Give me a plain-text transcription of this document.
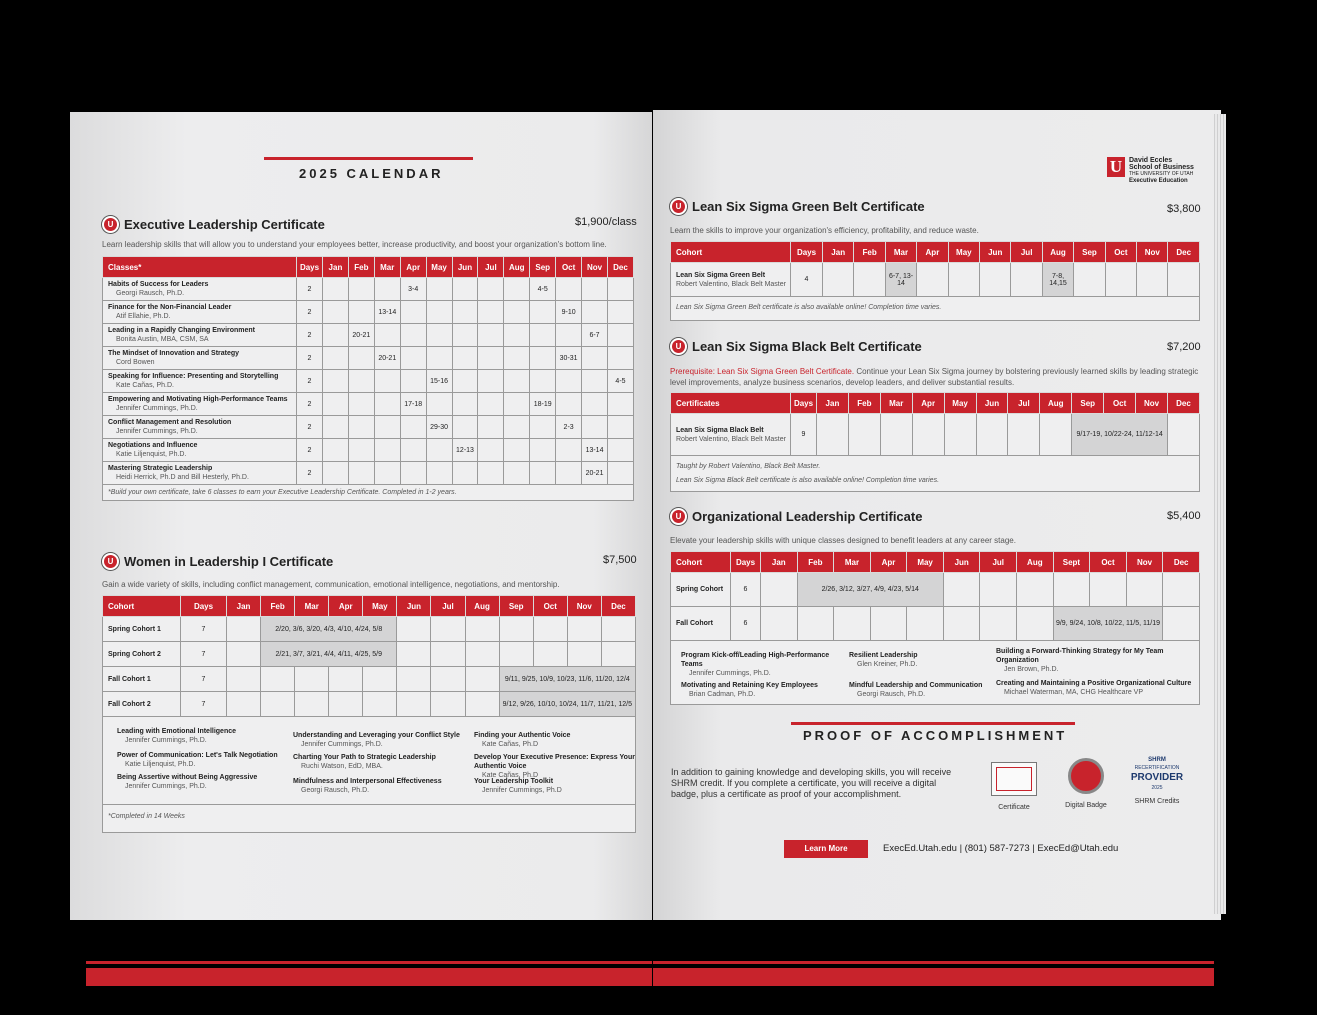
2025 CALENDAR
U Executive Leadership Certificate	$1,900/class
Learn leadership skills that will allow you to understand your employees better, increase productivity, and boost your organization's bottom line.
Classes*	Days	Jan	Feb	Mar	Apr	May	Jun	Jul	Aug	Sep	Oct	Nov	Dec

Habits of Success for Leaders
Georgi Rausch, Ph.D.	2				3-4					4-5			

Finance for the Non-Financial Leader
Atif Ellahie, Ph.D.	2			13-14							9-10		

Leading in a Rapidly Changing Environment
Bonita Austin, MBA, CSM, SA	2		20-21									6-7	

The Mindset of Innovation and Strategy
Cord Bowen	2			20-21							30-31		

Speaking for Influence: Presenting and Storytelling
Kate Cañas, Ph.D.	2					15-16							4-5

Empowering and Motivating High-Performance Teams
Jennifer Cummings, Ph.D.	2				17-18					18-19			

Conflict Management and Resolution
Jennifer Cummings, Ph.D.	2					29-30					2-3		

Negotiations and Influence
Katie Liljenquist, Ph.D.	2						12-13					13-14	

Mastering Strategic Leadership
Heidi Herrick, Ph.D and Bill Hesterly, Ph.D.	2											20-21	
*Build your own certificate, take 6 classes to earn your Executive Leadership Certificate. Completed in 1-2 years.
U Women in Leadership I Certificate	$7,500
Gain a wide variety of skills, including conflict management, communication, emotional intelligence, negotiations, and mentorship.
Cohort	Days	Jan	Feb	Mar	Apr	May	Jun	Jul	Aug	Sep	Oct	Nov	Dec

Spring Cohort 1	7		2/20, 3/6, 3/20, 4/3, 4/10, 4/24, 5/8										

Spring Cohort 2	7		2/21, 3/7, 3/21, 4/4, 4/11, 4/25, 5/9										

Fall Cohort 1	7									9/11, 9/25, 10/9, 10/23, 11/6, 11/20, 12/4			

Fall Cohort 2	7									9/12, 9/26, 10/10, 10/24, 11/7, 11/21, 12/5			
Leading with Emotional Intelligence
Jennifer Cummings, Ph.D.
Power of Communication: Let's Talk Negotiation
Katie Liljenquist, Ph.D.
Being Assertive without Being Aggressive
Jennifer Cummings, Ph.D.
Understanding and Leveraging your Conflict Style
Jennifer Cummings, Ph.D.
Charting Your Path to Strategic Leadership
Ruchi Watson, EdD, MBA.
Mindfulness and Interpersonal Effectiveness
Georgi Rausch, Ph.D.
Finding your Authentic Voice
Kate Cañas, Ph.D
Develop Your Executive Presence: Express Your Authentic Voice
Kate Cañas, Ph.D
Your Leadership Toolkit
Jennifer Cummings, Ph.D
*Completed in 14 Weeks
U David Eccles
School of Business
THE UNIVERSITY OF UTAH
Executive Education
U Lean Six Sigma Green Belt Certificate	$3,800
Learn the skills to improve your organization's efficiency, profitability, and reduce waste.
Cohort	Days	Jan	Feb	Mar	Apr	May	Jun	Jul	Aug	Sep	Oct	Nov	Dec

Lean Six Sigma Green Belt
Robert Valentino, Black Belt Master	4			6-7, 13-14					7-8, 14,15				
Lean Six Sigma Green Belt certificate is also available online! Completion time varies.
U Lean Six Sigma Black Belt Certificate	$7,200
Prerequisite: Lean Six Sigma Green Belt Certificate. Continue your Lean Six Sigma journey by bolstering previously learned skills by leading strategic
level improvements, analyze business scenarios, develop leaders, and deliver substantial results.
Certificates	Days	Jan	Feb	Mar	Apr	May	Jun	Jul	Aug	Sep	Oct	Nov	Dec

Lean Six Sigma Black Belt
Robert Valentino, Black Belt Master	9									9/17-19, 10/22-24, 11/12-14			
Taught by Robert Valentino, Black Belt Master.
Lean Six Sigma Black Belt certificate is also available online! Completion time varies.
U Organizational Leadership Certificate	$5,400
Elevate your leadership skills with unique classes designed to benefit leaders at any career stage.
Cohort	Days	Jan	Feb	Mar	Apr	May	Jun	Jul	Aug	Sept	Oct	Nov	Dec

Spring Cohort	6		2/26, 3/12, 3/27, 4/9, 4/23, 5/14										

Fall Cohort	6									9/9, 9/24, 10/8, 10/22, 11/5, 11/19			
Program Kick-off/Leading High-Performance Teams
Jennifer Cummings, Ph.D.
Motivating and Retaining Key Employees
Brian Cadman, Ph.D.
Resilient Leadership
Glen Kreiner, Ph.D.
Mindful Leadership and Communication
Georgi Rausch, Ph.D.
Building a Forward-Thinking Strategy for My Team Organization
Jen Brown, Ph.D.
Creating and Maintaining a Positive Organizational Culture
Michael Waterman, MA, CHG Healthcare VP
PROOF OF ACCOMPLISHMENT
In addition to gaining knowledge and developing skills, you will receive
SHRM credit. If you complete a certificate, you will receive a digital
badge, plus a certificate as proof of your accomplishment.
Certificate	Digital Badge
SHRM
RECERTIFICATION
PROVIDER
2025
SHRM Credits
Learn More	ExecEd.Utah.edu | (801) 587-7273 | ExecEd@Utah.edu
